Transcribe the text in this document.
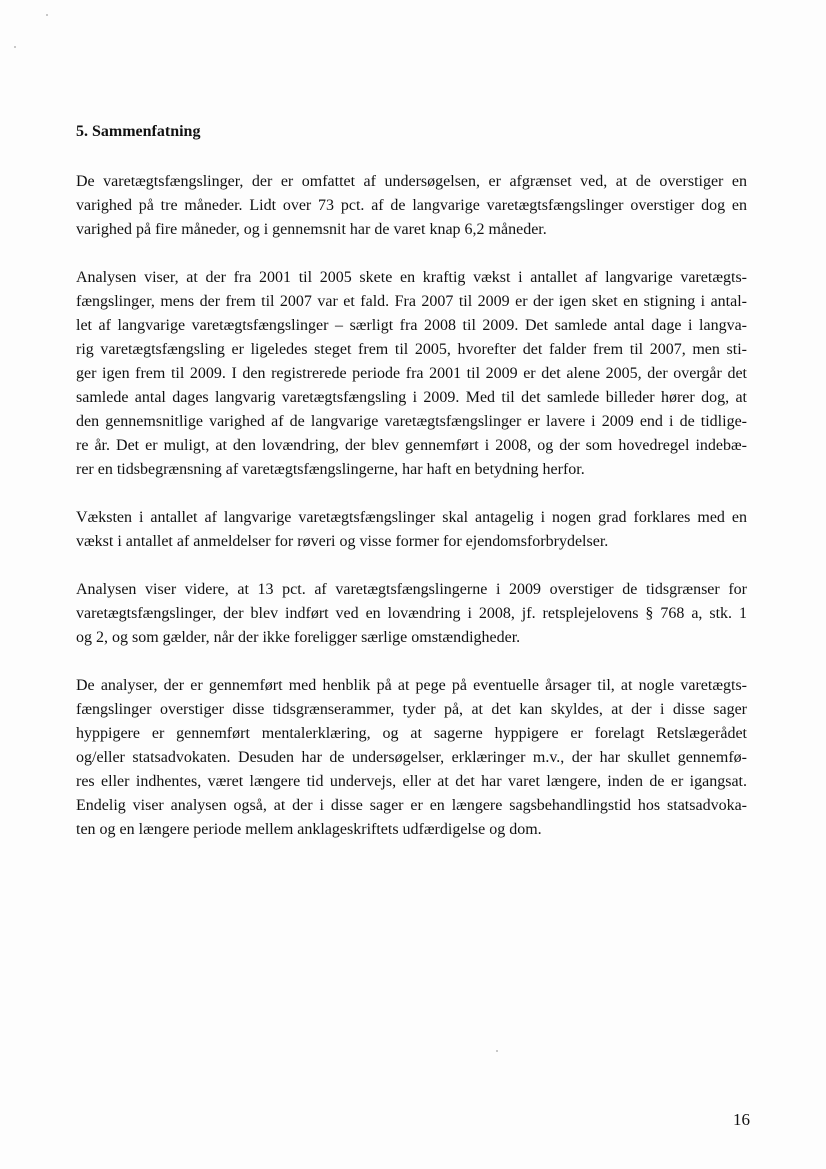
5. Sammenfatning
De varetægtsfængslinger, der er omfattet af undersøgelsen, er afgrænset ved, at de overstiger en
varighed på tre måneder. Lidt over 73 pct. af de langvarige varetægtsfængslinger overstiger dog en
varighed på fire måneder, og i gennemsnit har de varet knap 6,2 måneder.
Analysen viser, at der fra 2001 til 2005 skete en kraftig vækst i antallet af langvarige varetægts-
fængslinger, mens der frem til 2007 var et fald. Fra 2007 til 2009 er der igen sket en stigning i antal-
let af langvarige varetægtsfængslinger – særligt fra 2008 til 2009. Det samlede antal dage i langva-
rig varetægtsfængsling er ligeledes steget frem til 2005, hvorefter det falder frem til 2007, men sti-
ger igen frem til 2009. I den registrerede periode fra 2001 til 2009 er det alene 2005, der overgår det
samlede antal dages langvarig varetægtsfængsling i 2009. Med til det samlede billeder hører dog, at
den gennemsnitlige varighed af de langvarige varetægtsfængslinger er lavere i 2009 end i de tidlige-
re år. Det er muligt, at den lovændring, der blev gennemført i 2008, og der som hovedregel indebæ-
rer en tidsbegrænsning af varetægtsfængslingerne, har haft en betydning herfor.
Væksten i antallet af langvarige varetægtsfængslinger skal antagelig i nogen grad forklares med en
vækst i antallet af anmeldelser for røveri og visse former for ejendomsforbrydelser.
Analysen viser videre, at 13 pct. af varetægtsfængslingerne i 2009 overstiger de tidsgrænser for
varetægtsfængslinger, der blev indført ved en lovændring i 2008, jf. retsplejelovens § 768 a, stk. 1
og 2, og som gælder, når der ikke foreligger særlige omstændigheder.
De analyser, der er gennemført med henblik på at pege på eventuelle årsager til, at nogle varetægts-
fængslinger overstiger disse tidsgrænserammer, tyder på, at det kan skyldes, at der i disse sager
hyppigere er gennemført mentalerklæring, og at sagerne hyppigere er forelagt Retslægerådet
og/eller statsadvokaten. Desuden har de undersøgelser, erklæringer m.v., der har skullet gennemfø-
res eller indhentes, været længere tid undervejs, eller at det har varet længere, inden de er igangsat.
Endelig viser analysen også, at der i disse sager er en længere sagsbehandlingstid hos statsadvoka-
ten og en længere periode mellem anklageskriftets udfærdigelse og dom.
16
